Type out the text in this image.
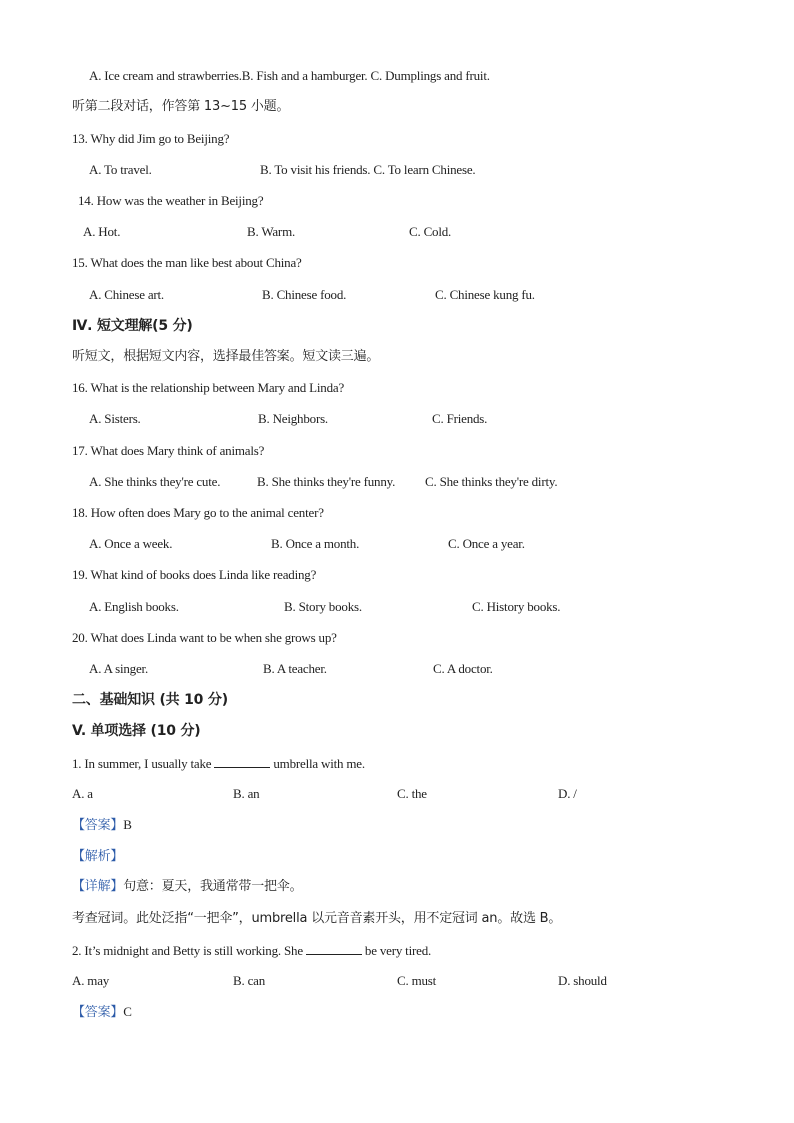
A. Ice cream and strawberries.B. Fish and a hamburger. C. Dumplings and fruit.
听第二段对话，作答第 13~15 小题。
13. Why did Jim go to Beijing?
A. To travel.	B. To visit his friends. C. To learn Chinese.
14. How was the weather in Beijing?
A. Hot.	B. Warm.	C. Cold.
15. What does the man like best about China?
A. Chinese art.	B. Chinese food.	C. Chinese kung fu.
Ⅳ. 短文理解(5 分)
听短文，根据短文内容，选择最佳答案。短文读三遍。
16. What is the relationship between Mary and Linda?
A. Sisters.	B. Neighbors.	C. Friends.
17. What does Mary think of animals?
A. She thinks they're cute.	B. She thinks they're funny. C. She thinks they're dirty.
18. How often does Mary go to the animal center?
A. Once a week.	B. Once a month.	C. Once a year.
19. What kind of books does Linda like reading?
A. English books.	B. Story books.	C. History books.
20. What does Linda want to be when she grows up?
A. A singer.	B. A teacher.	C. A doctor.
二、基础知识 (共 10 分)
V. 单项选择 (10 分)
1. In summer, I usually take	umbrella with me.
A. a	B. an	C. the	D. /
【答案】B
【解析】
【详解】句意：夏天，我通常带一把伞。
考查冠词。此处泛指“一把伞”，umbrella 以元音音素开头，用不定冠词 an。故选 B。
2. It’s midnight and Betty is still working. She	be very tired.
A. may	B. can	C. must	D. should
【答案】C
